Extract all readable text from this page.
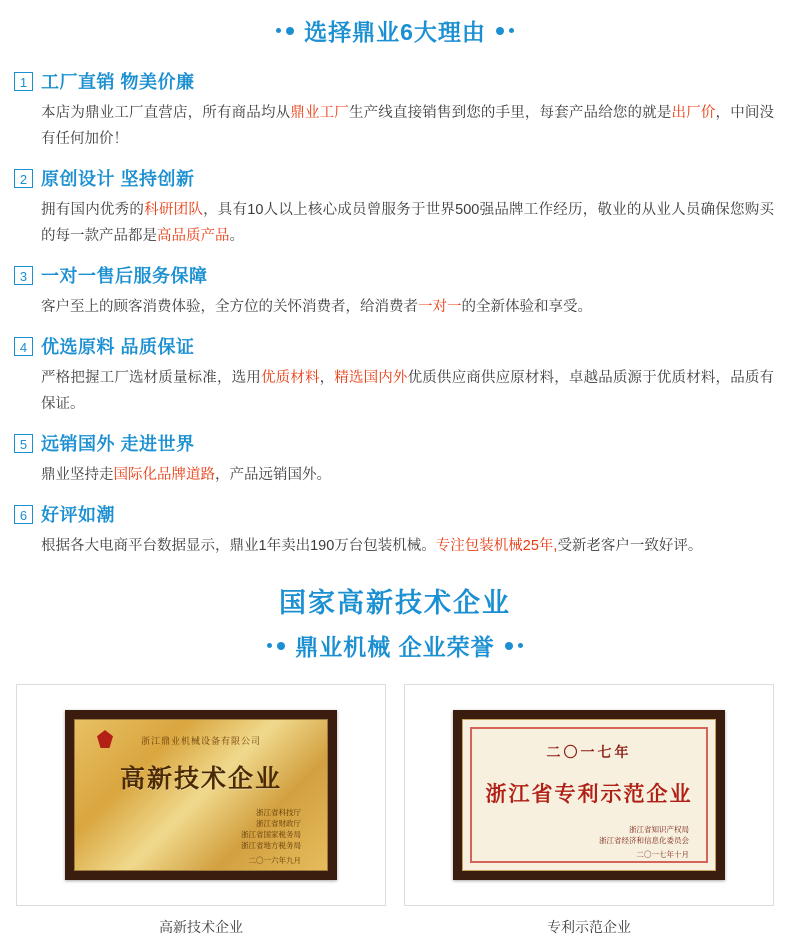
选择鼎业6大理由
1 工厂直销 物美价廉
本店为鼎业工厂直营店，所有商品均从鼎业工厂生产线直接销售到您的手里，每套产品给您的就是出厂价，中间没有任何加价！
2 原创设计 坚持创新
拥有国内优秀的科研团队，具有10人以上核心成员曾服务于世界500强品牌工作经历，敬业的从业人员确保您购买的每一款产品都是高品质产品。
3 一对一售后服务保障
客户至上的顾客消费体验，全方位的关怀消费者，给消费者一对一的全新体验和享受。
4 优选原料 品质保证
严格把握工厂选材质量标准，选用优质材料，精选国内外优质供应商供应原材料，卓越品质源于优质材料，品质有保证。
5 远销国外 走进世界
鼎业坚持走国际化品牌道路，产品远销国外。
6 好评如潮
根据各大电商平台数据显示，鼎业1年卖出190万台包装机械。专注包装机械25年,受新老客户一致好评。
国家高新技术企业
鼎业机械 企业荣誉
浙江鼎业机械设备有限公司
高新技术企业
浙江省科技厅
浙江省财政厅
浙江省国家税务局
浙江省地方税务局
二〇一六年九月
高新技术企业
二〇一七年
浙江省专利示范企业
浙江省知识产权局
浙江省经济和信息化委员会
二〇一七年十月
专利示范企业
